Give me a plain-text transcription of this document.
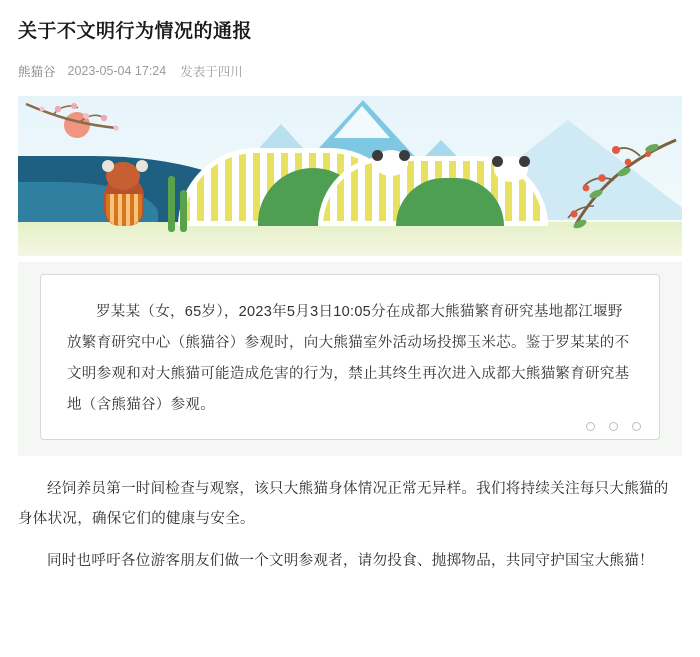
关于不文明行为情况的通报
熊猫谷 2023-05-04 17:24 发表于四川

罗某某（女，65岁），2023年5月3日10:05分在成都大熊猫繁育研究基地都江堰野放繁育研究中心（熊猫谷）参观时，向大熊猫室外活动场投掷玉米芯。鉴于罗某某的不文明参观和对大熊猫可能造成危害的行为，禁止其终生再次进入成都大熊猫繁育研究基地（含熊猫谷）参观。

经饲养员第一时间检查与观察，该只大熊猫身体情况正常无异样。我们将持续关注每只大熊猫的身体状况，确保它们的健康与安全。

同时也呼吁各位游客朋友们做一个文明参观者，请勿投食、抛掷物品，共同守护国宝大熊猫！
